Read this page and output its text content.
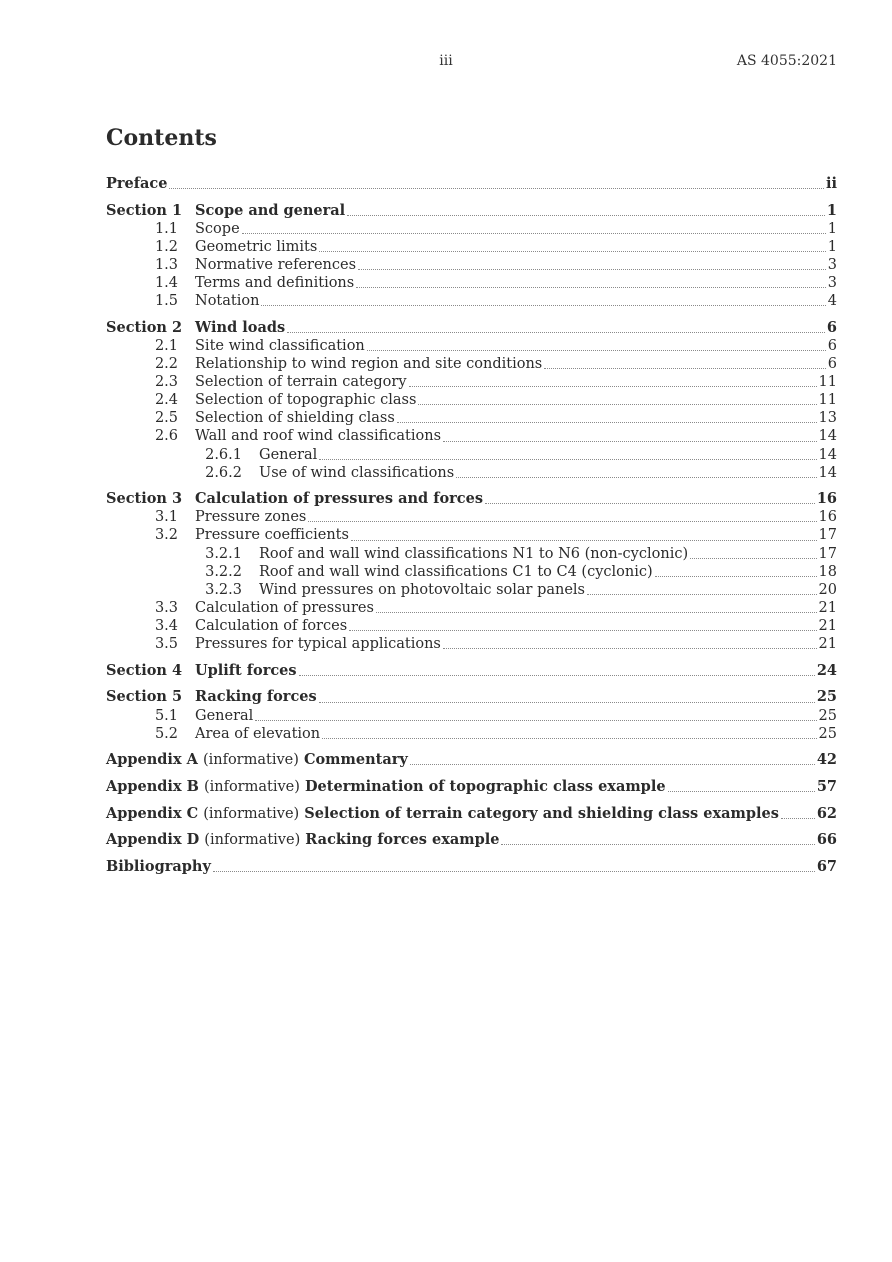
iii	AS 4055:2021
Contents
Preface	ii
Section 1 Scope and general	1
1.1 Scope	1
1.2 Geometric limits	1
1.3 Normative references	3
1.4 Terms and definitions	3
1.5 Notation	4
Section 2 Wind loads	6
2.1 Site wind classification	6
2.2 Relationship to wind region and site conditions	6
2.3 Selection of terrain category	11
2.4 Selection of topographic class	11
2.5 Selection of shielding class	13
2.6 Wall and roof wind classifications	14
2.6.1 General	14
2.6.2 Use of wind classifications	14
Section 3 Calculation of pressures and forces	16
3.1 Pressure zones	16
3.2 Pressure coefficients	17
3.2.1 Roof and wall wind classifications N1 to N6 (non-cyclonic)	17
3.2.2 Roof and wall wind classifications C1 to C4 (cyclonic)	18
3.2.3 Wind pressures on photovoltaic solar panels	20
3.3 Calculation of pressures	21
3.4 Calculation of forces	21
3.5 Pressures for typical applications	21
Section 4 Uplift forces	24
Section 5 Racking forces	25
5.1 General	25
5.2 Area of elevation	25
Appendix A (informative) Commentary	42
Appendix B (informative) Determination of topographic class example	57
Appendix C (informative) Selection of terrain category and shielding class examples	62
Appendix D (informative) Racking forces example	66
Bibliography	67
